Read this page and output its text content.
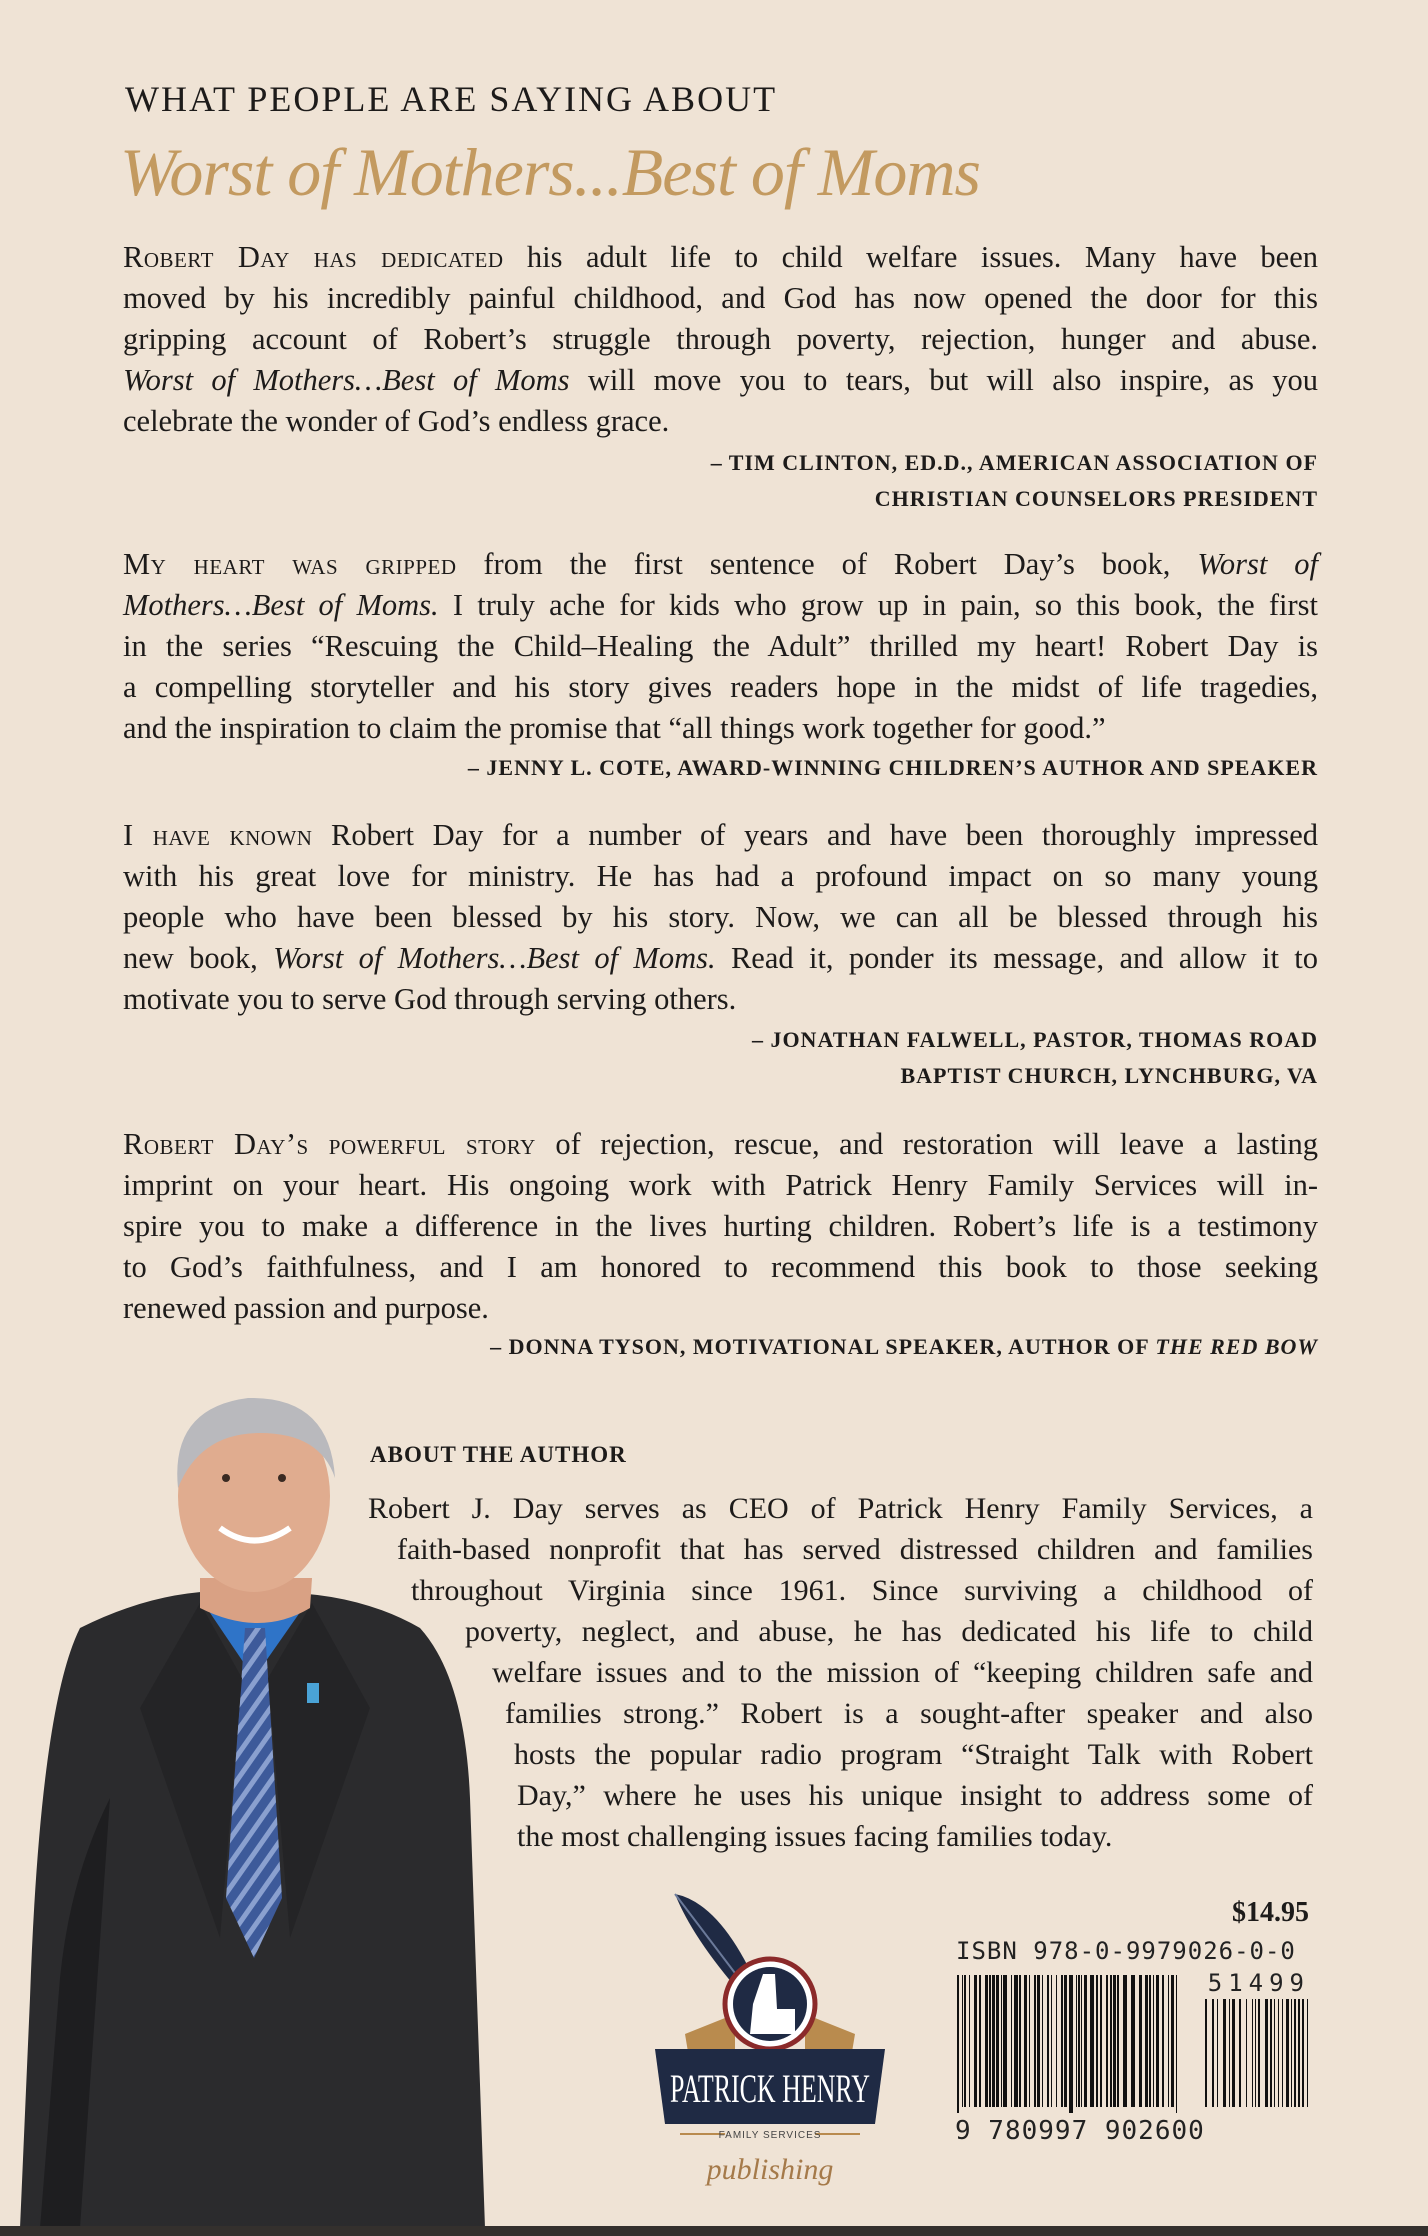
WHAT PEOPLE ARE SAYING ABOUT
Worst of Mothers...Best of Moms
Robert Day has dedicated his adult life to child welfare issues. Many have been
moved by his incredibly painful childhood, and God has now opened the door for this
gripping account of Robert’s struggle through poverty, rejection, hunger and abuse.
Worst of Mothers…Best of Moms will move you to tears, but will also inspire, as you
celebrate the wonder of God’s endless grace.
– TIM CLINTON, ED.D., AMERICAN ASSOCIATION OF
CHRISTIAN COUNSELORS PRESIDENT
My heart was gripped from the first sentence of Robert Day’s book, Worst of
Mothers…Best of Moms. I truly ache for kids who grow up in pain, so this book, the first
in the series “Rescuing the Child–Healing the Adult” thrilled my heart! Robert Day is
a compelling storyteller and his story gives readers hope in the midst of life tragedies,
and the inspiration to claim the promise that “all things work together for good.”
– JENNY L. COTE, AWARD-WINNING CHILDREN’S AUTHOR AND SPEAKER
I have known Robert Day for a number of years and have been thoroughly impressed
with his great love for ministry. He has had a profound impact on so many young
people who have been blessed by his story. Now, we can all be blessed through his
new book, Worst of Mothers…Best of Moms. Read it, ponder its message, and allow it to
motivate you to serve God through serving others.
– JONATHAN FALWELL, PASTOR, THOMAS ROAD
BAPTIST CHURCH, LYNCHBURG, VA
Robert Day’s powerful story of rejection, rescue, and restoration will leave a lasting
imprint on your heart. His ongoing work with Patrick Henry Family Services will in-
spire you to make a difference in the lives hurting children. Robert’s life is a testimony
to God’s faithfulness, and I am honored to recommend this book to those seeking
renewed passion and purpose.
– DONNA TYSON, MOTIVATIONAL SPEAKER, AUTHOR OF THE RED BOW
ABOUT THE AUTHOR
Robert J. Day serves as CEO of Patrick Henry Family Services, a
faith-based nonprofit that has served distressed children and families
throughout Virginia since 1961. Since surviving a childhood of
poverty, neglect, and abuse, he has dedicated his life to child
welfare issues and to the mission of “keeping children safe and
families strong.” Robert is a sought-after speaker and also
hosts the popular radio program “Straight Talk with Robert
Day,” where he uses his unique insight to address some of
the most challenging issues facing families today.
PATRICK HENRY
FAMILY SERVICES
publishing
$14.95
ISBN 978-0-9979026-0-0
51499
9 780997 902600
